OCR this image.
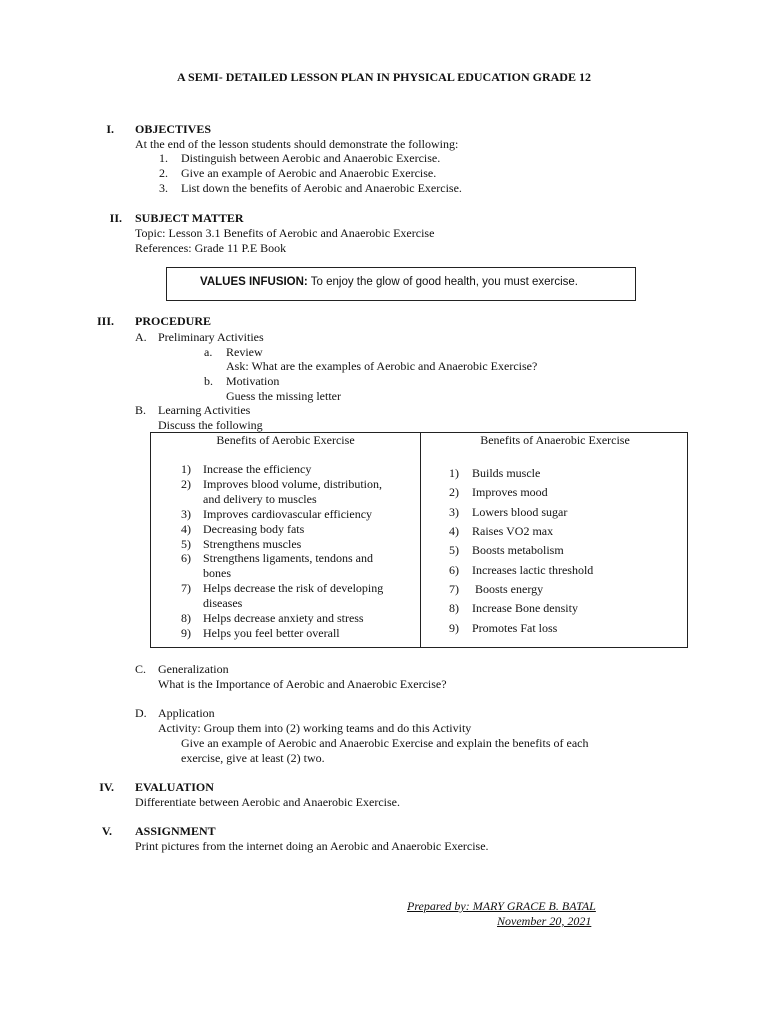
A SEMI- DETAILED LESSON PLAN IN PHYSICAL EDUCATION GRADE 12
I. OBJECTIVES
At the end of the lesson students should demonstrate the following:
1. Distinguish between Aerobic and Anaerobic Exercise.
2. Give an example of Aerobic and Anaerobic Exercise.
3. List down the benefits of Aerobic and Anaerobic Exercise.
II. SUBJECT MATTER
Topic: Lesson 3.1 Benefits of Aerobic and Anaerobic Exercise
References: Grade 11 P.E Book
VALUES INFUSION: To enjoy the glow of good health, you must exercise.
III. PROCEDURE
A. Preliminary Activities
a. Review
Ask: What are the examples of Aerobic and Anaerobic Exercise?
b. Motivation
Guess the missing letter
B. Learning Activities
Discuss the following
Benefits of Aerobic Exercise
1) Increase the efficiency
2) Improves blood volume, distribution,
and delivery to muscles
3) Improves cardiovascular efficiency
4) Decreasing body fats
5) Strengthens muscles
6) Strengthens ligaments, tendons and
bones
7) Helps decrease the risk of developing
diseases
8) Helps decrease anxiety and stress
9) Helps you feel better overall
Benefits of Anaerobic Exercise
1) Builds muscle
2) Improves mood
3) Lowers blood sugar
4) Raises VO2 max
5) Boosts metabolism
6) Increases lactic threshold
7) Boosts energy
8) Increase Bone density
9) Promotes Fat loss
C. Generalization
What is the Importance of Aerobic and Anaerobic Exercise?
D. Application
Activity: Group them into (2) working teams and do this Activity
Give an example of Aerobic and Anaerobic Exercise and explain the benefits of each
exercise, give at least (2) two.
IV. EVALUATION
Differentiate between Aerobic and Anaerobic Exercise.
V. ASSIGNMENT
Print pictures from the internet doing an Aerobic and Anaerobic Exercise.
Prepared by: MARY GRACE B. BATAL
November 20, 2021
